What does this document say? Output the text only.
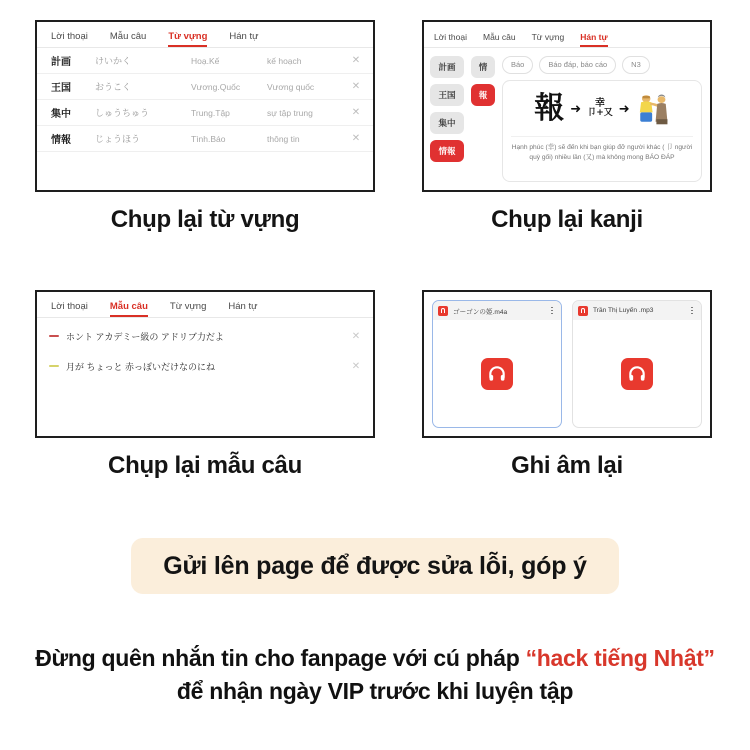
Lời thoại Mẫu câu Từ vựng Hán tự
計画	けいかく	Hoạ.Kế	kế hoạch	✕
王国	おうこく	Vương.Quốc	Vương quốc	✕
集中	しゅうちゅう	Trung.Tập	sự tập trung	✕
情報	じょうほう	Tình.Báo	thông tin	✕
Chụp lại từ vựng
Lời thoại Mẫu câu Từ vựng Hán tự
計画
王国
集中
情報
情
報
Báo	Báo đáp, báo cáo	N3
報 ➜ 幸
卩+又 ➜
Hạnh phúc (幸) sẽ đến khi bạn giúp đỡ người khác ( 卩 người quỳ gối) nhiều lần (又) mà không mong BÁO ĐÁP
Chụp lại kanji
Lời thoại Mẫu câu Từ vựng Hán tự
ホント アカデミー級の アドリブ力だよ	✕
月が ちょっと 赤っぽいだけなのにね	✕
Chụp lại mẫu câu
ゴーゴンの姫.m4a	Trần Thị Luyến .mp3
Ghi âm lại
Gửi lên page để được sửa lỗi, góp ý
Đừng quên nhắn tin cho fanpage với cú pháp “hack tiếng Nhật”
để nhận ngày VIP trước khi luyện tập
